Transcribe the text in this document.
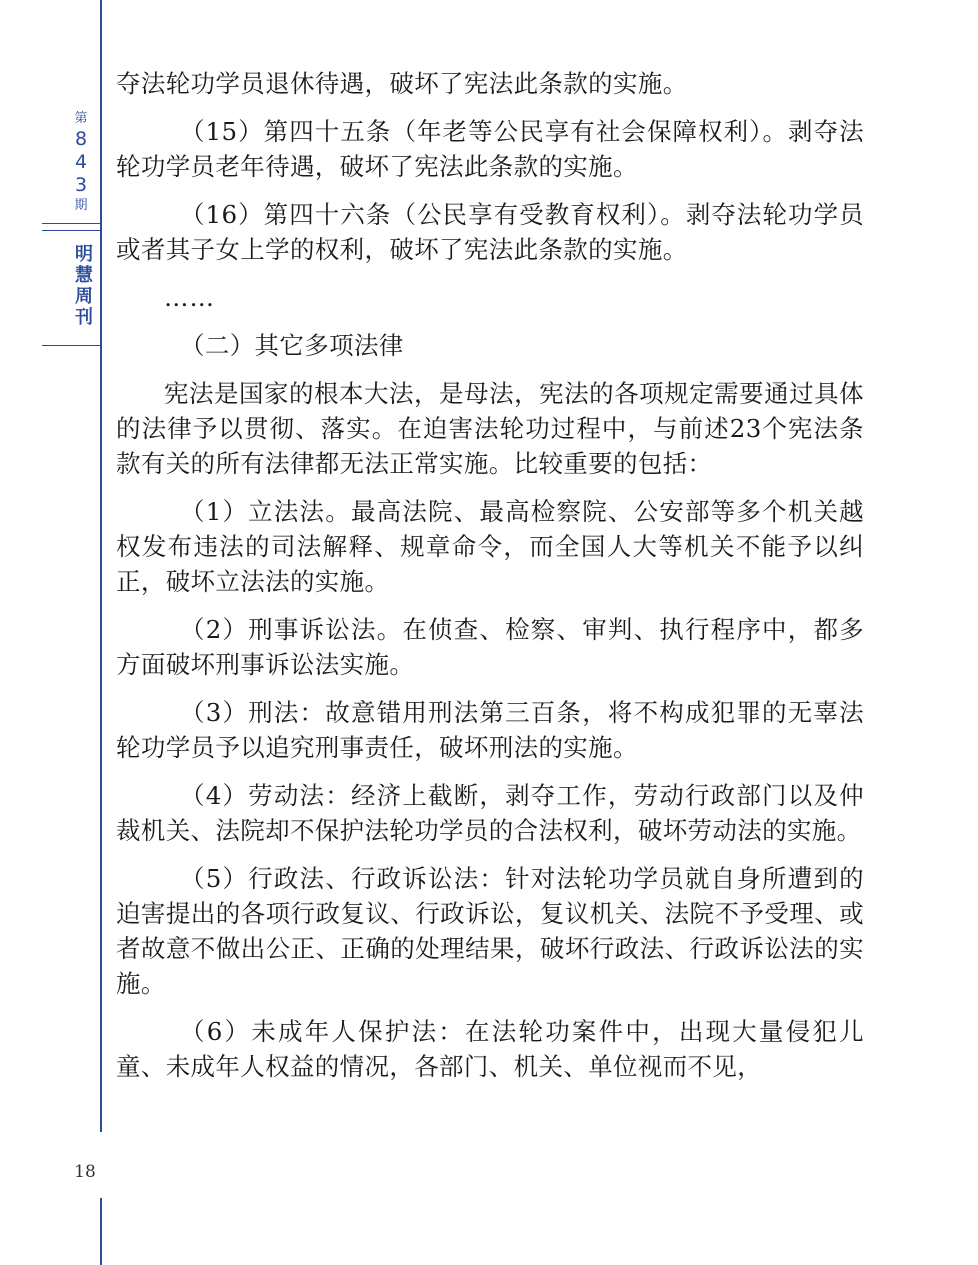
第
843
期
明慧周刊
18

夺法轮功学员退休待遇，破坏了宪法此条款的实施。

（15）第四十五条（年老等公民享有社会保障权利）。剥夺法轮功学员老年待遇，破坏了宪法此条款的实施。

（16）第四十六条（公民享有受教育权利）。剥夺法轮功学员或者其子女上学的权利，破坏了宪法此条款的实施。

……

（二）其它多项法律

宪法是国家的根本大法，是母法，宪法的各项规定需要通过具体的法律予以贯彻、落实。在迫害法轮功过程中，与前述23个宪法条款有关的所有法律都无法正常实施。比较重要的包括：

（1）立法法。最高法院、最高检察院、公安部等多个机关越权发布违法的司法解释、规章命令，而全国人大等机关不能予以纠正，破坏立法法的实施。

（2）刑事诉讼法。在侦查、检察、审判、执行程序中，都多方面破坏刑事诉讼法实施。

（3）刑法：故意错用刑法第三百条，将不构成犯罪的无辜法轮功学员予以追究刑事责任，破坏刑法的实施。

（4）劳动法：经济上截断，剥夺工作，劳动行政部门以及仲裁机关、法院却不保护法轮功学员的合法权利，破坏劳动法的实施。

（5）行政法、行政诉讼法：针对法轮功学员就自身所遭到的迫害提出的各项行政复议、行政诉讼，复议机关、法院不予受理、或者故意不做出公正、正确的处理结果，破坏行政法、行政诉讼法的实施。

（6）未成年人保护法：在法轮功案件中，出现大量侵犯儿童、未成年人权益的情况，各部门、机关、单位视而不见，
